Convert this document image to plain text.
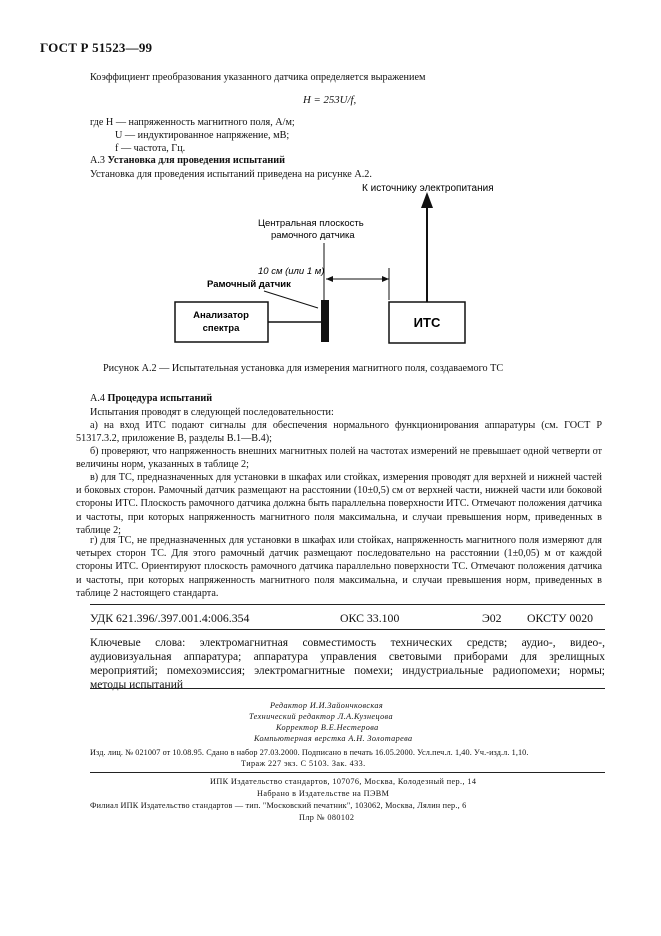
ГОСТ Р 51523—99
Коэффициент преобразования указанного датчика определяется выражением
H = 253U/f,
где H — напряженность магнитного поля, А/м;
U — индуктированное напряжение, мВ;
f — частота, Гц.
А.3 Установка для проведения испытаний
Установка для проведения испытаний приведена на рисунке А.2.
К источнику электропитания
Центральная плоскость
рамочного датчика
10 см (или 1 м)
Рамочный датчик
Анализатор
спектра	ИТС
Рисунок А.2 — Испытательная установка для измерения магнитного поля, создаваемого ТС
А.4 Процедура испытаний
Испытания проводят в следующей последовательности:
а) на вход ИТС подают сигналы для обеспечения нормального функционирования аппаратуры (см. ГОСТ Р 51317.3.2, приложение В, разделы В.1—В.4);
б) проверяют, что напряженность внешних магнитных полей на частотах измерений не превышает одной четверти от величины норм, указанных в таблице 2;
в) для ТС, предназначенных для установки в шкафах или стойках, измерения проводят для верхней и нижней частей и боковых сторон. Рамочный датчик размещают на расстоянии (10±0,5) см от верхней части, нижней части или боковой стороны ИТС. Плоскость рамочного датчика должна быть параллельна поверхности ИТС. Отмечают положения датчика и частоты, при которых напряженность магнитного поля максимальна, и случаи превышения норм, приведенных в таблице 2;
г) для ТС, не предназначенных для установки в шкафах или стойках, напряженность магнитного поля измеряют для четырех сторон ТС. Для этого рамочный датчик размещают последовательно на расстоянии (1±0,05) м от каждой стороны ИТС. Ориентируют плоскость рамочного датчика параллельно поверхности ТС. Отмечают положения датчика и частоты, при которых напряженность магнитного поля максимальна, и случаи превышения норм, приведенных в таблице 2 настоящего стандарта.
УДК 621.396/.397.001.4:006.354	ОКС 33.100	Э02 ОКСТУ 0020
Ключевые слова: электромагнитная совместимость технических средств; аудио-, видео-, аудиовизуальная аппаратура; аппаратура управления световыми приборами для зрелищных мероприятий; помехоэмиссия; электромагнитные помехи; индустриальные радиопомехи; нормы; методы испытаний
Редактор И.И.Зайончковская
Технический редактор Л.А.Кузнецова
Корректор В.Е.Нестерова
Компьютерная верстка А.Н. Золотарева
Изд. лиц. № 021007 от 10.08.95. Сдано в набор 27.03.2000. Подписано в печать 16.05.2000. Усл.печ.л. 1,40. Уч.-изд.л. 1,10.
Тираж 227 экз. С 5103. Зак. 433.
ИПК Издательство стандартов, 107076, Москва, Колодезный пер., 14
Набрано в Издательстве на ПЭВМ
Филиал ИПК Издательство стандартов — тип. "Московский печатник", 103062, Москва, Лялин пер., 6
Плр № 080102
